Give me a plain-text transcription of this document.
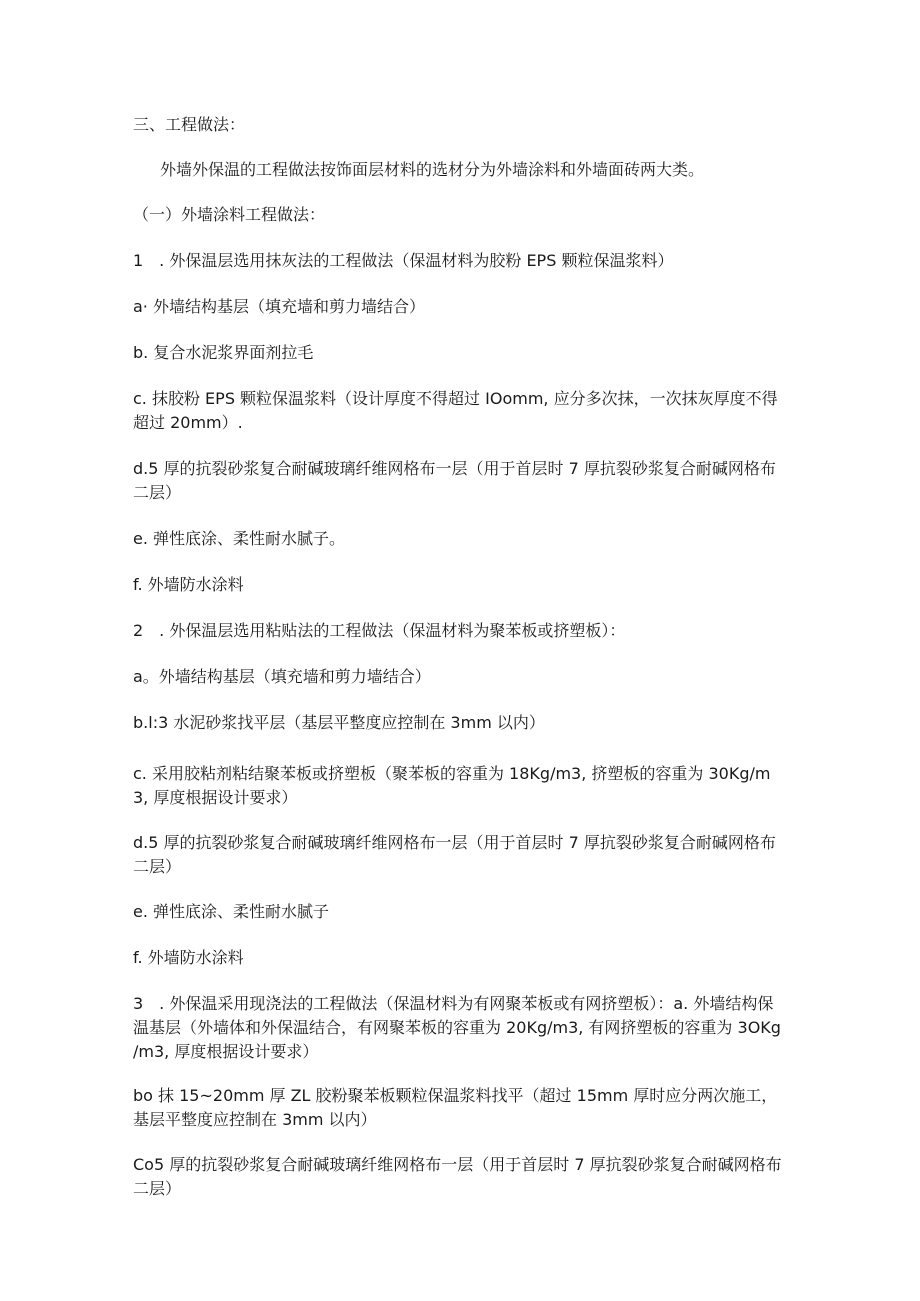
三、工程做法：
外墙外保温的工程做法按饰面层材料的选材分为外墙涂料和外墙面砖两大类。
（一）外墙涂料工程做法：
1　. 外保温层选用抹灰法的工程做法（保温材料为胶粉 EPS 颗粒保温浆料）
a· 外墙结构基层（填充墙和剪力墙结合）
b. 复合水泥浆界面剂拉毛
c. 抹胶粉 EPS 颗粒保温浆料（设计厚度不得超过 IOomm, 应分多次抹，一次抹灰厚度不得超过 20mm）.
d.5 厚的抗裂砂浆复合耐碱玻璃纤维网格布一层（用于首层时 7 厚抗裂砂浆复合耐碱网格布二层）
e. 弹性底涂、柔性耐水腻子。
f. 外墙防水涂料
2　. 外保温层选用粘贴法的工程做法（保温材料为聚苯板或挤塑板）：
a。外墙结构基层（填充墙和剪力墙结合）
b.l:3 水泥砂浆找平层（基层平整度应控制在 3mm 以内）
c. 采用胶粘剂粘结聚苯板或挤塑板（聚苯板的容重为 18Kg∕m3, 挤塑板的容重为 30Kg∕m3, 厚度根据设计要求）
d.5 厚的抗裂砂浆复合耐碱玻璃纤维网格布一层（用于首层时 7 厚抗裂砂浆复合耐碱网格布二层）
e. 弹性底涂、柔性耐水腻子
f. 外墙防水涂料
3　. 外保温采用现浇法的工程做法（保温材料为有网聚苯板或有网挤塑板）：a. 外墙结构保温基层（外墙体和外保温结合，有网聚苯板的容重为 20Kg∕m3, 有网挤塑板的容重为 3OKg∕m3, 厚度根据设计要求）
bo 抹 15~20mm 厚 ZL 胶粉聚苯板颗粒保温浆料找平（超过 15mm 厚时应分两次施工，基层平整度应控制在 3mm 以内）
Co5 厚的抗裂砂浆复合耐碱玻璃纤维网格布一层（用于首层时 7 厚抗裂砂浆复合耐碱网格布二层）
